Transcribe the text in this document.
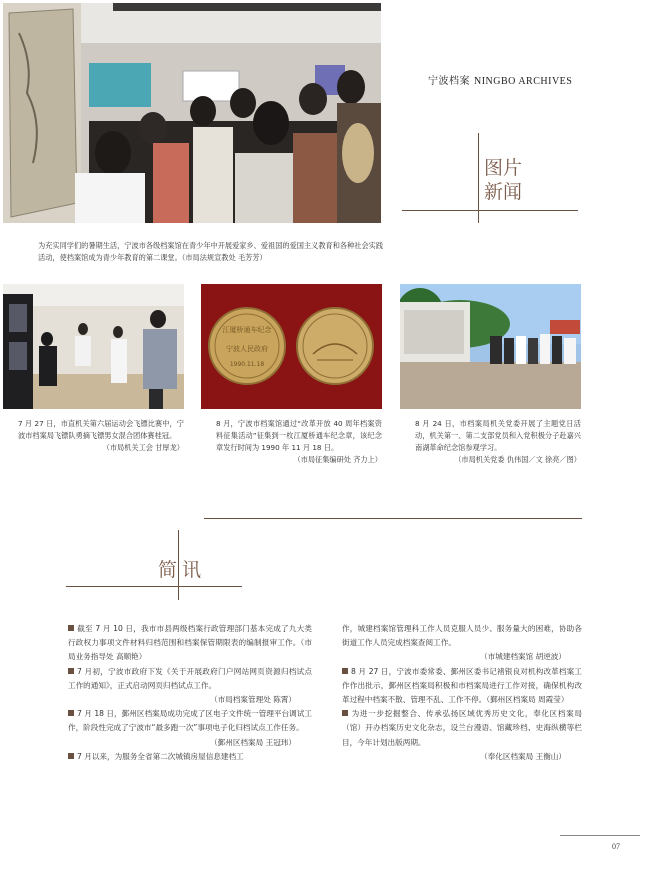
宁波档案 NINGBO ARCHIVES
图片
新闻
为充实同学们的暑期生活，宁波市各级档案馆在青少年中开展爱家乡、爱祖国的爱国主义教育和各种社会实践活动，使档案馆成为青少年教育的第二课堂。（市局法规宣教处 毛芳芳）
江厦桥通车纪念
宁波人民政府
1990.11.18
7 月 27 日，市直机关第六届运动会飞镖比赛中，宁波市档案局飞镖队勇摘飞镖男女混合团体赛桂冠。
（市局机关工会 甘厚龙）
8 月，宁波市档案馆通过“改革开放 40 周年档案资料征集活动”征集到一枚江厦桥通车纪念章，该纪念章发行时间为 1990 年 11 月 18 日。
（市局征集编研处 齐力上）
8 月 24 日，市档案局机关党委开展了主题党日活动，机关第一、第二支部党员和入党积极分子赴嘉兴南湖革命纪念馆参观学习。
（市局机关党委 仇伟国／文 徐亮／图）
简 讯

截至 7 月 10 日，我市市县两级档案行政管理部门基本完成了九大类行政权力事项文件材料归档范围和档案保管期限表的编制报审工作。（市局业务指导处 高顺艳）

7 月初，宁波市政府下发《关于开展政府门户网站网页资源归档试点工作的通知》，正式启动网页归档试点工作。
（市局档案管理处 陈霄）

7 月 18 日，鄞州区档案局成功完成了区电子文件统一管理平台调试工作，阶段性完成了宁波市“最多跑一次”事项电子化归档试点工作任务。
（鄞州区档案局 王冠玮）

7 月以来，为服务全省第二次城镇房屋信息建档工

作，城建档案馆管理科工作人员克服人员少、服务量大的困难，协助各街道工作人员完成档案查阅工作。
（市城建档案馆 胡逆波）

8 月 27 日，宁波市委常委、鄞州区委书记褚银良对机构改革档案工作作出批示，鄞州区档案局积极和市档案局进行工作对接，确保机构改革过程中档案不散、管理不乱、工作不停。（鄞州区档案局 周霞莹）

为进一步挖掘整合、传承弘扬区域优秀历史文化，奉化区档案局（馆）开办档案历史文化杂志，设兰台漫语、馆藏珍档、史海纵横等栏目，今年计划出版两期。
（奉化区档案局 王衡山）

07
